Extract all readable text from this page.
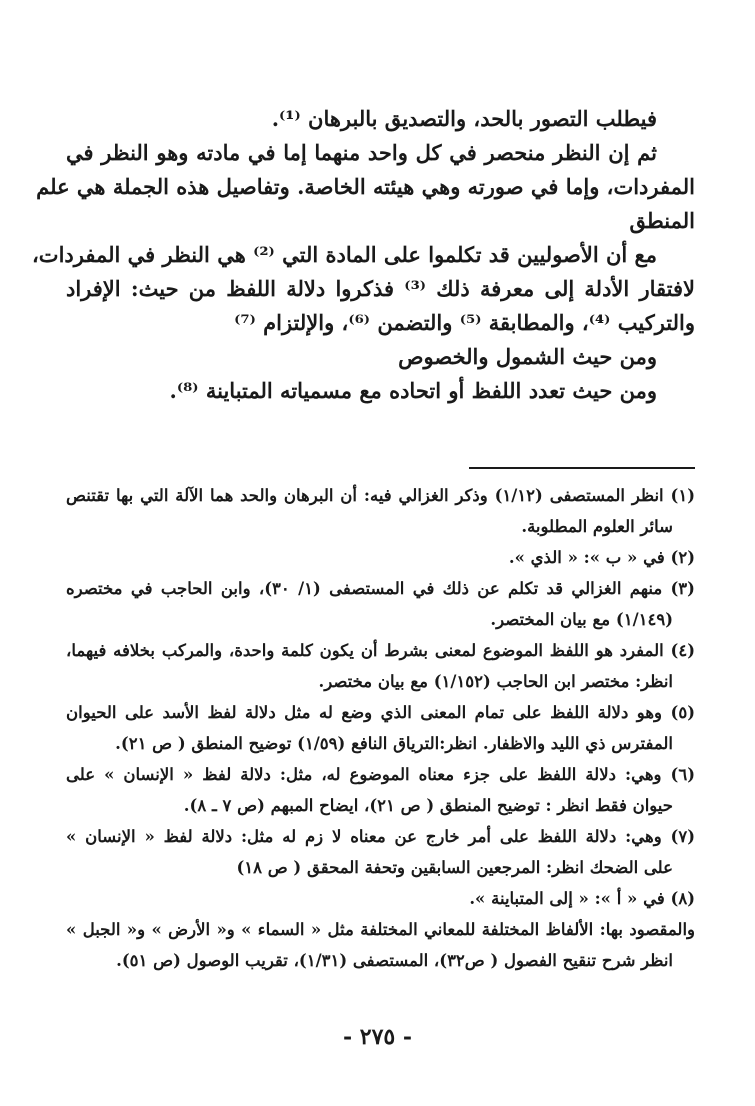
فيطلب التصور بالحد، والتصديق بالبرهان ⁽¹⁾.
ثم إن النظر منحصر في كل واحد منهما إما في مادته وهو النظر في
المفردات، وإما في صورته وهي هيئته الخاصة. وتفاصيل هذه الجملة هي علم
المنطق
مع أن الأصوليين قد تكلموا على المادة التي ⁽²⁾ هي النظر في المفردات،
لافتقار الأدلة إلى معرفة ذلك ⁽³⁾ فذكروا دلالة اللفظ من حيث: الإفراد
والتركيب ⁽⁴⁾، والمطابقة ⁽⁵⁾ والتضمن ⁽⁶⁾، والإلتزام ⁽⁷⁾
ومن حيث الشمول والخصوص
ومن حيث تعدد اللفظ أو اتحاده مع مسمياته المتباينة ⁽⁸⁾.
(١) انظر المستصفى (١/١٢) وذكر الغزالي فيه: أن البرهان والحد هما الآلة التي بها تقتنص
سائر العلوم المطلوبة.
(٢) في « ب »: « الذي ».
(٣) منهم الغزالي قد تكلم عن ذلك في المستصفى (١/ ٣٠)، وابن الحاجب في مختصره
(١/١٤٩) مع بيان المختصر.
(٤) المفرد هو اللفظ الموضوع لمعنى بشرط أن يكون كلمة واحدة، والمركب بخلافه فيهما،
انظر: مختصر ابن الحاجب (١/١٥٢) مع بيان مختصر.
(٥) وهو دلالة اللفظ على تمام المعنى الذي وضع له مثل دلالة لفظ الأسد على الحيوان
المفترس ذي الليد والاظفار. انظر:الترياق النافع (١/٥٩) توضيح المنطق ( ص ٢١).
(٦) وهي: دلالة اللفظ على جزء معناه الموضوع له، مثل: دلالة لفظ « الإنسان » على
حيوان فقط انظر : توضيح المنطق ( ص ٢١)، ايضاح المبهم (ص ٧ ـ ٨).
(٧) وهي: دلالة اللفظ على أمر خارج عن معناه لا زم له مثل: دلالة لفظ « الإنسان »
على الضحك انظر: المرجعين السابقين وتحفة المحقق ( ص ١٨)
(٨) في « أ »: « إلى المتباينة ».
والمقصود بها: الألفاظ المختلفة للمعاني المختلفة مثل « السماء » و« الأرض » و« الجبل »
انظر شرح تنقيح الفصول ( ص٣٢)، المستصفى (١/٣١)، تقريب الوصول (ص ٥١).
- ٢٧٥ -
